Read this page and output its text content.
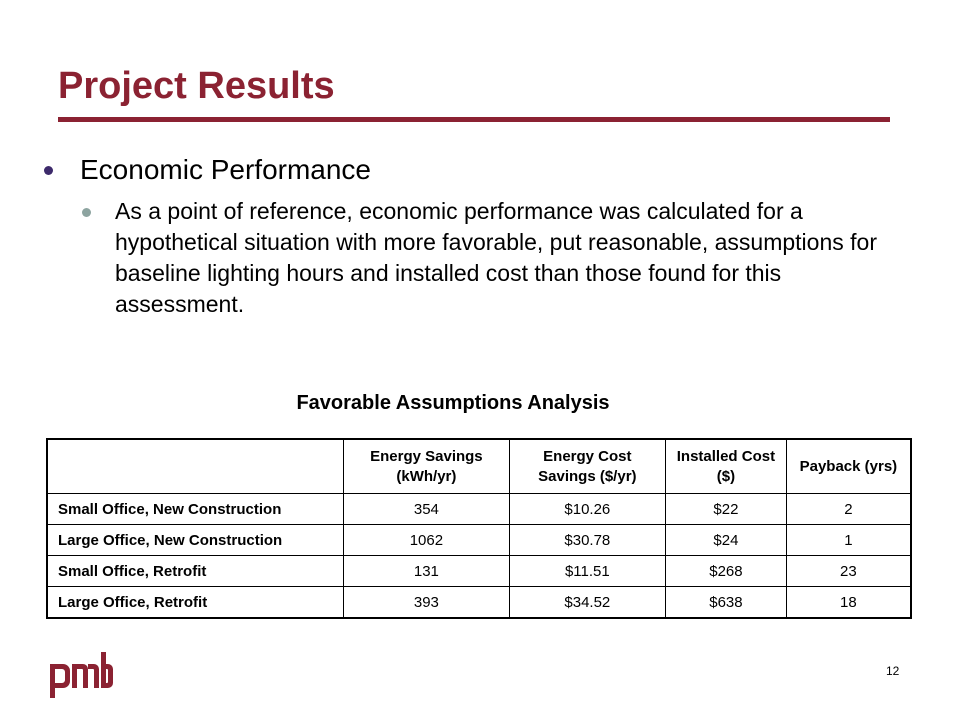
Project Results
Economic Performance
As a point of reference, economic performance was calculated for a hypothetical situation with more favorable, put reasonable, assumptions for baseline lighting hours and installed cost than those found for this assessment.
Favorable Assumptions Analysis
	Energy Savings (kWh/yr)	Energy Cost Savings ($/yr)	Installed Cost ($)	Payback (yrs)
Small Office, New Construction	354	$10.26	$22	2
Large Office, New Construction	1062	$30.78	$24	1
Small Office, Retrofit	131	$11.51	$268	23
Large Office, Retrofit	393	$34.52	$638	18
12
